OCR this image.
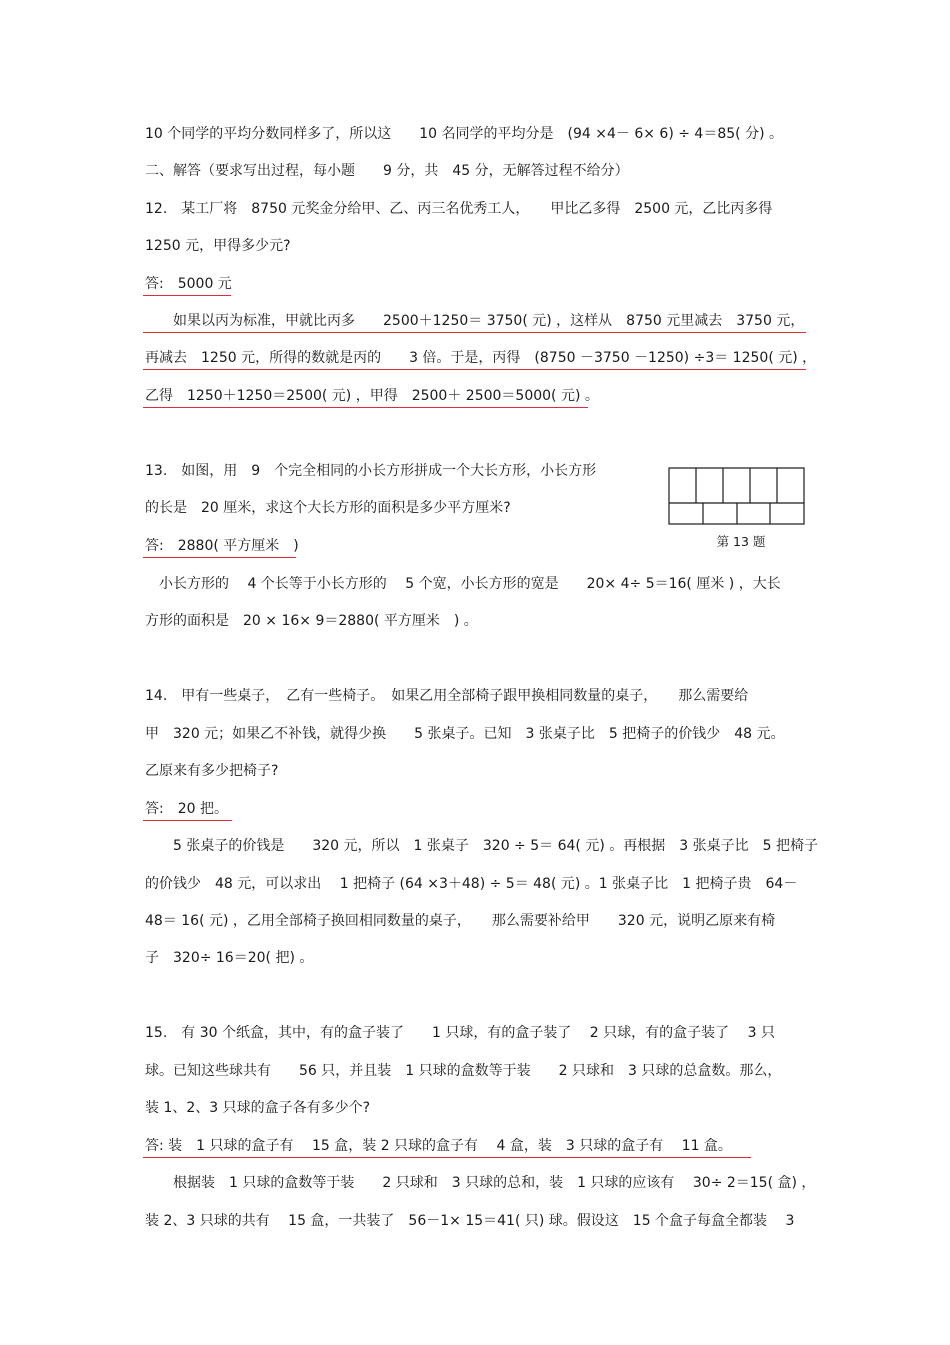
10 个同学的平均分数同样多了，所以这　　10 名同学的平均分是　(94 ×4－ 6× 6) ÷ 4＝85( 分) 。
二、解答（要求写出过程，每小题　　9 分，共　45 分，无解答过程不给分）
12.　某工厂将　8750 元奖金分给甲、乙、丙三名优秀工人，　　甲比乙多得　2500 元，乙比丙多得
1250 元，甲得多少元?
答:　5000 元
　　如果以丙为标准，甲就比丙多　　2500＋1250＝ 3750( 元) ，这样从　8750 元里减去　3750 元，
再减去　1250 元，所得的数就是丙的　　3 倍。于是，丙得　(8750 －3750 －1250) ÷3＝ 1250( 元) ，
乙得　1250＋1250＝2500( 元) ，甲得　2500＋ 2500＝5000( 元) 。
13.　如图，用　9　个完全相同的小长方形拼成一个大长方形，小长方形
的长是　20 厘米，求这个大长方形的面积是多少平方厘米?
答:　2880( 平方厘米　)
　小长方形的　 4 个长等于小长方形的　 5 个宽，小长方形的宽是　　20× 4÷ 5＝16( 厘米 ) ，大长
方形的面积是　20 × 16× 9＝2880( 平方厘米　) 。
14.　甲有一些桌子，　乙有一些椅子。　如果乙用全部椅子跟甲换相同数量的桌子，　　那么需要给
甲　320 元；如果乙不补钱，就得少换　　5 张桌子。已知　3 张桌子比　5 把椅子的价钱少　48 元。
乙原来有多少把椅子?
答:　20 把。
　　5 张桌子的价钱是　　320 元，所以　1 张桌子　320 ÷ 5＝ 64( 元) 。再根据　3 张桌子比　5 把椅子
的价钱少　48 元，可以求出　 1 把椅子 (64 ×3＋48) ÷ 5＝ 48( 元) 。1 张桌子比　1 把椅子贵　64－
48＝ 16( 元) ，乙用全部椅子换回相同数量的桌子，　　那么需要补给甲　　320 元，说明乙原来有椅
子　320÷ 16＝20( 把) 。
15.　有 30 个纸盒，其中，有的盒子装了　　1 只球，有的盒子装了　 2 只球，有的盒子装了　 3 只
球。已知这些球共有　　56 只，并且装　1 只球的盒数等于装　　2 只球和　3 只球的总盒数。那么，
装 1、2、3 只球的盒子各有多少个?
答: 装　1 只球的盒子有　 15 盒，装 2 只球的盒子有　 4 盒，装　3 只球的盒子有　 11 盒。
　　根据装　1 只球的盒数等于装　　2 只球和　3 只球的总和，装　1 只球的应该有　 30÷ 2＝15( 盒) ，
装 2、3 只球的共有　 15 盒，一共装了　56－1× 15＝41( 只) 球。假设这　15 个盒子每盒全都装　 3
第 13 题
